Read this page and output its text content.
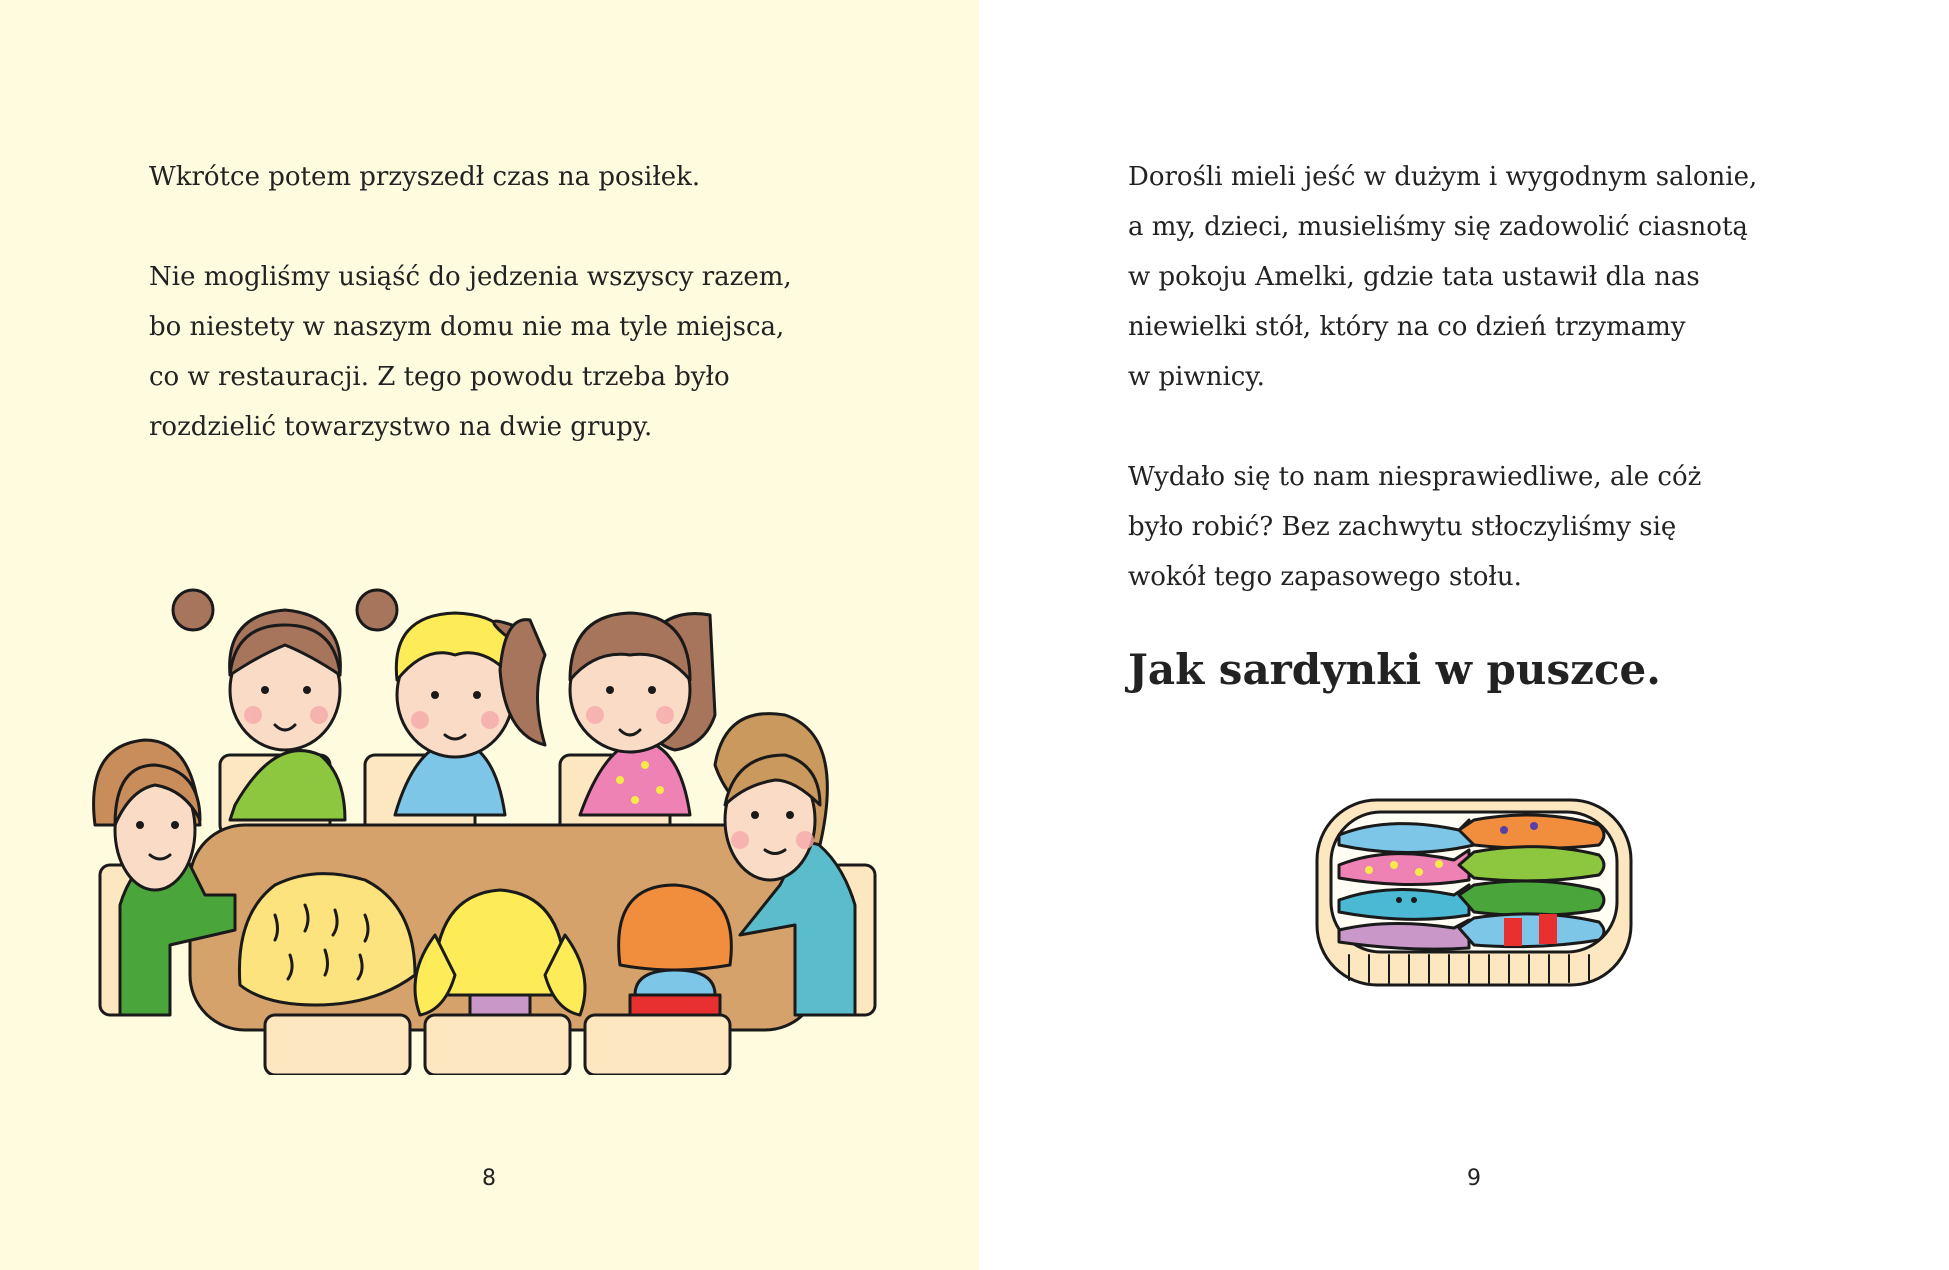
Wkrótce potem przyszedł czas na posiłek.

Nie mogliśmy usiąść do jedzenia wszyscy razem,
bo niestety w naszym domu nie ma tyle miejsca,
co w restauracji. Z tego powodu trzeba było
rozdzielić towarzystwo na dwie grupy.

8

Dorośli mieli jeść w dużym i wygodnym salonie,
a my, dzieci, musieliśmy się zadowolić ciasnotą
w pokoju Amelki, gdzie tata ustawił dla nas
niewielki stół, który na co dzień trzymamy
w piwnicy.

Wydało się to nam niesprawiedliwe, ale cóż
było robić? Bez zachwytu stłoczyliśmy się
wokół tego zapasowego stołu.

Jak sardynki w puszce.
9
